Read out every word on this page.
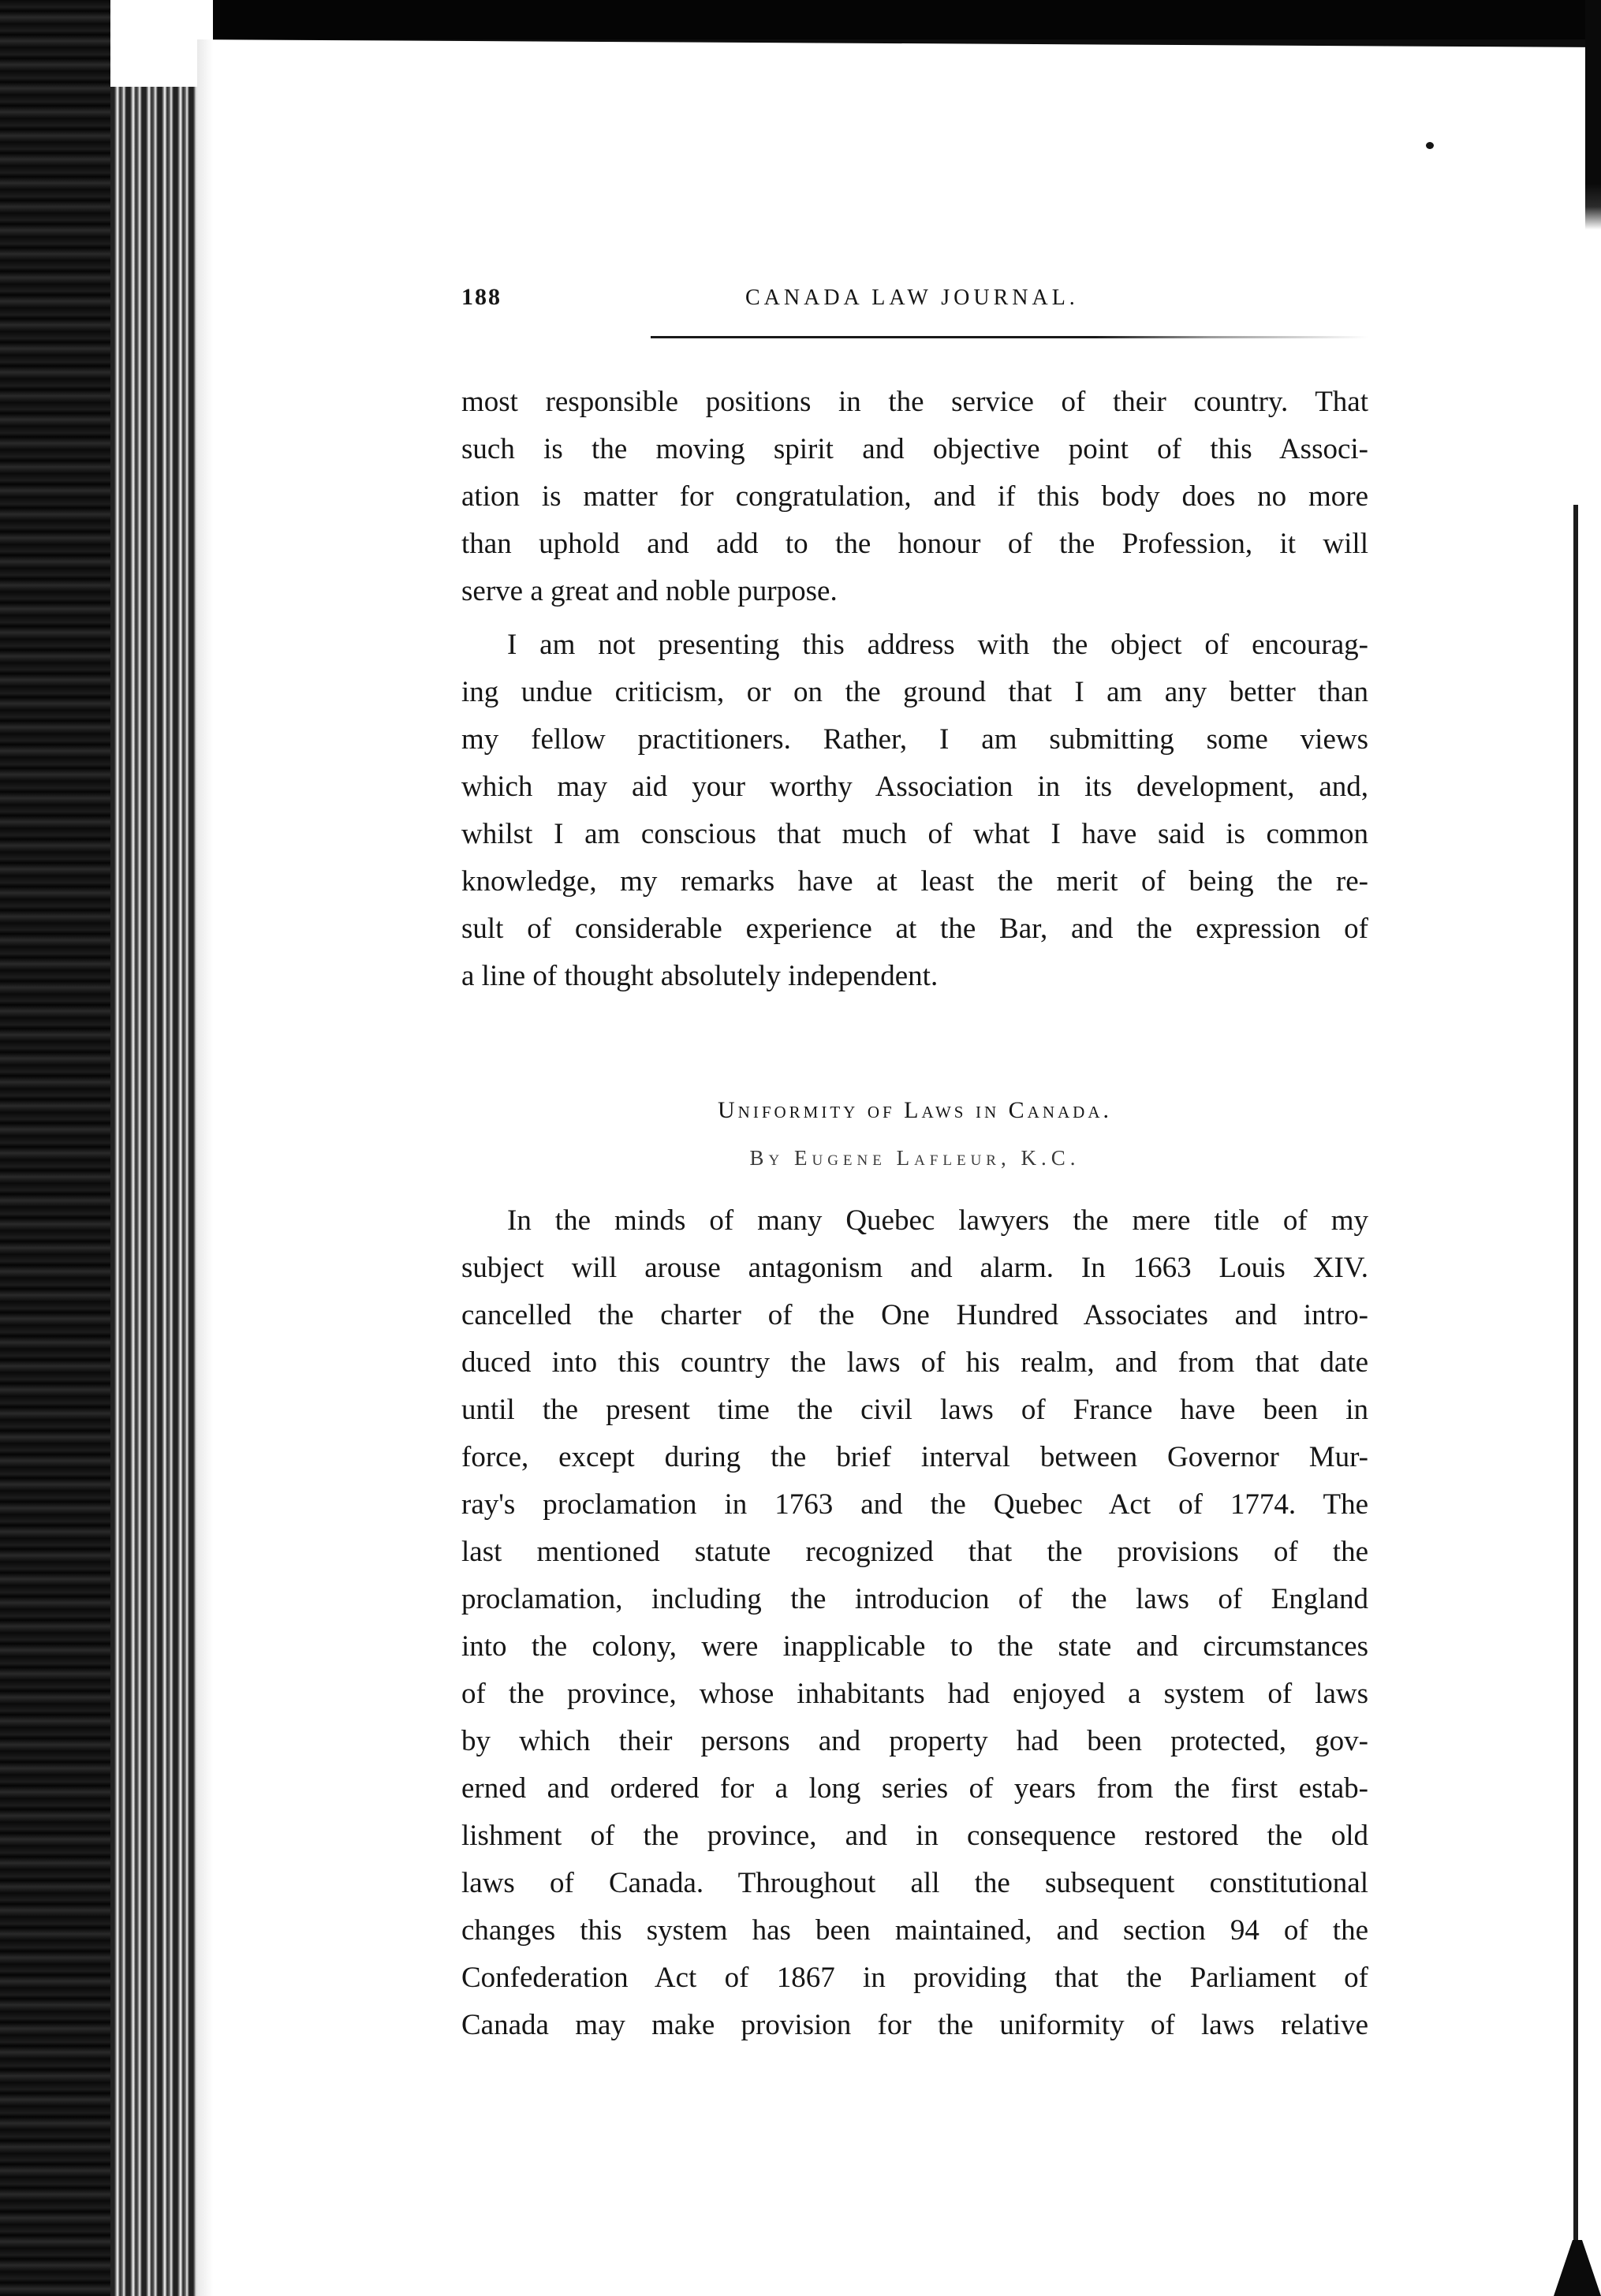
188	CANADA LAW JOURNAL.
most responsible positions in the service of their country. That
such is the moving spirit and objective point of this Associ-
ation is matter for congratulation, and if this body does no more
than uphold and add to the honour of the Profession, it will
serve a great and noble purpose.
I am not presenting this address with the object of encourag-
ing undue criticism, or on the ground that I am any better than
my fellow practitioners. Rather, I am submitting some views
which may aid your worthy Association in its development, and,
whilst I am conscious that much of what I have said is common
knowledge, my remarks have at least the merit of being the re-
sult of considerable experience at the Bar, and the expression of
a line of thought absolutely independent.
Uniformity of Laws in Canada.
By Eugene Lafleur, K.C.
In the minds of many Quebec lawyers the mere title of my
subject will arouse antagonism and alarm. In 1663 Louis XIV.
cancelled the charter of the One Hundred Associates and intro-
duced into this country the laws of his realm, and from that date
until the present time the civil laws of France have been in
force, except during the brief interval between Governor Mur-
ray's proclamation in 1763 and the Quebec Act of 1774. The
last mentioned statute recognized that the provisions of the
proclamation, including the introducion of the laws of England
into the colony, were inapplicable to the state and circumstances
of the province, whose inhabitants had enjoyed a system of laws
by which their persons and property had been protected, gov-
erned and ordered for a long series of years from the first estab-
lishment of the province, and in consequence restored the old
laws of Canada. Throughout all the subsequent constitutional
changes this system has been maintained, and section 94 of the
Confederation Act of 1867 in providing that the Parliament of
Canada may make provision for the uniformity of laws relative
